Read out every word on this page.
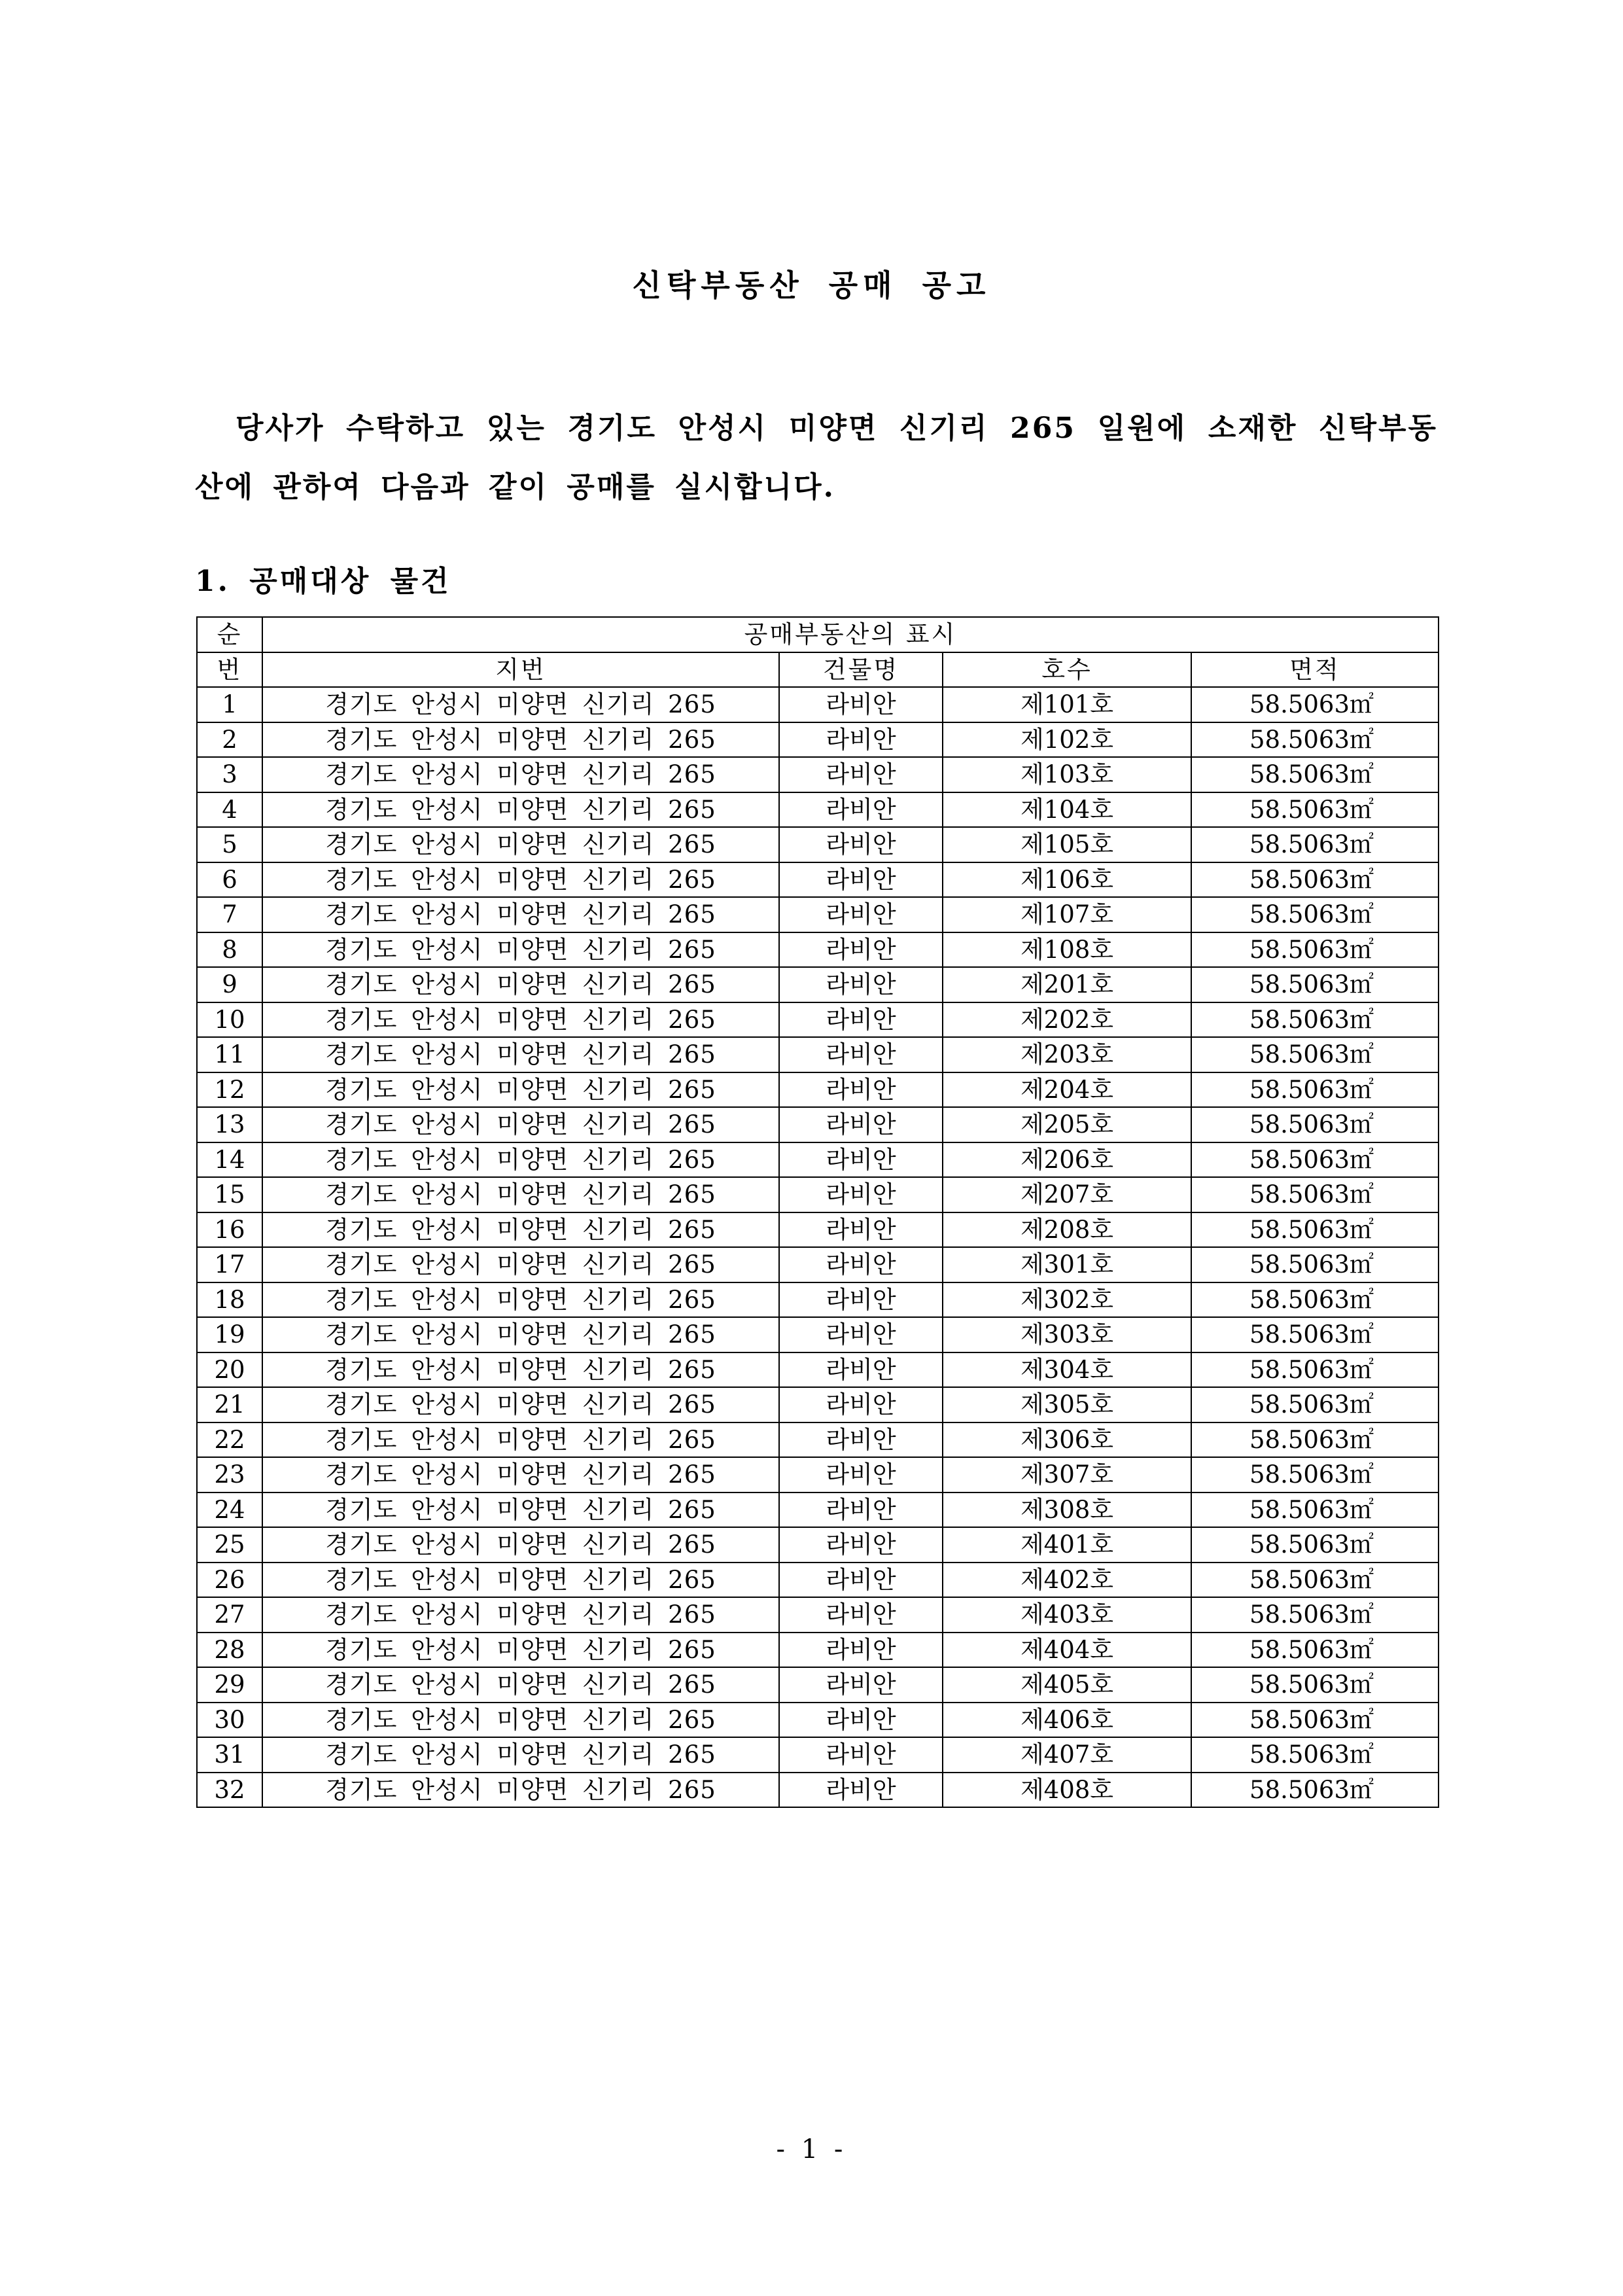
신탁부동산 공매 공고
당사가 수탁하고 있는 경기도 안성시 미양면 신기리 265 일원에 소재한 신탁부동산에 관하여 다음과 같이 공매를 실시합니다.
1. 공매대상 물건
순	공매부동산의 표시			
번	지번	건물명	호수	면적
1	경기도 안성시 미양면 신기리 265	라비안	제101호	58.5063㎡
2	경기도 안성시 미양면 신기리 265	라비안	제102호	58.5063㎡
3	경기도 안성시 미양면 신기리 265	라비안	제103호	58.5063㎡
4	경기도 안성시 미양면 신기리 265	라비안	제104호	58.5063㎡
5	경기도 안성시 미양면 신기리 265	라비안	제105호	58.5063㎡
6	경기도 안성시 미양면 신기리 265	라비안	제106호	58.5063㎡
7	경기도 안성시 미양면 신기리 265	라비안	제107호	58.5063㎡
8	경기도 안성시 미양면 신기리 265	라비안	제108호	58.5063㎡
9	경기도 안성시 미양면 신기리 265	라비안	제201호	58.5063㎡
10	경기도 안성시 미양면 신기리 265	라비안	제202호	58.5063㎡
11	경기도 안성시 미양면 신기리 265	라비안	제203호	58.5063㎡
12	경기도 안성시 미양면 신기리 265	라비안	제204호	58.5063㎡
13	경기도 안성시 미양면 신기리 265	라비안	제205호	58.5063㎡
14	경기도 안성시 미양면 신기리 265	라비안	제206호	58.5063㎡
15	경기도 안성시 미양면 신기리 265	라비안	제207호	58.5063㎡
16	경기도 안성시 미양면 신기리 265	라비안	제208호	58.5063㎡
17	경기도 안성시 미양면 신기리 265	라비안	제301호	58.5063㎡
18	경기도 안성시 미양면 신기리 265	라비안	제302호	58.5063㎡
19	경기도 안성시 미양면 신기리 265	라비안	제303호	58.5063㎡
20	경기도 안성시 미양면 신기리 265	라비안	제304호	58.5063㎡
21	경기도 안성시 미양면 신기리 265	라비안	제305호	58.5063㎡
22	경기도 안성시 미양면 신기리 265	라비안	제306호	58.5063㎡
23	경기도 안성시 미양면 신기리 265	라비안	제307호	58.5063㎡
24	경기도 안성시 미양면 신기리 265	라비안	제308호	58.5063㎡
25	경기도 안성시 미양면 신기리 265	라비안	제401호	58.5063㎡
26	경기도 안성시 미양면 신기리 265	라비안	제402호	58.5063㎡
27	경기도 안성시 미양면 신기리 265	라비안	제403호	58.5063㎡
28	경기도 안성시 미양면 신기리 265	라비안	제404호	58.5063㎡
29	경기도 안성시 미양면 신기리 265	라비안	제405호	58.5063㎡
30	경기도 안성시 미양면 신기리 265	라비안	제406호	58.5063㎡
31	경기도 안성시 미양면 신기리 265	라비안	제407호	58.5063㎡
32	경기도 안성시 미양면 신기리 265	라비안	제408호	58.5063㎡
- 1 -
